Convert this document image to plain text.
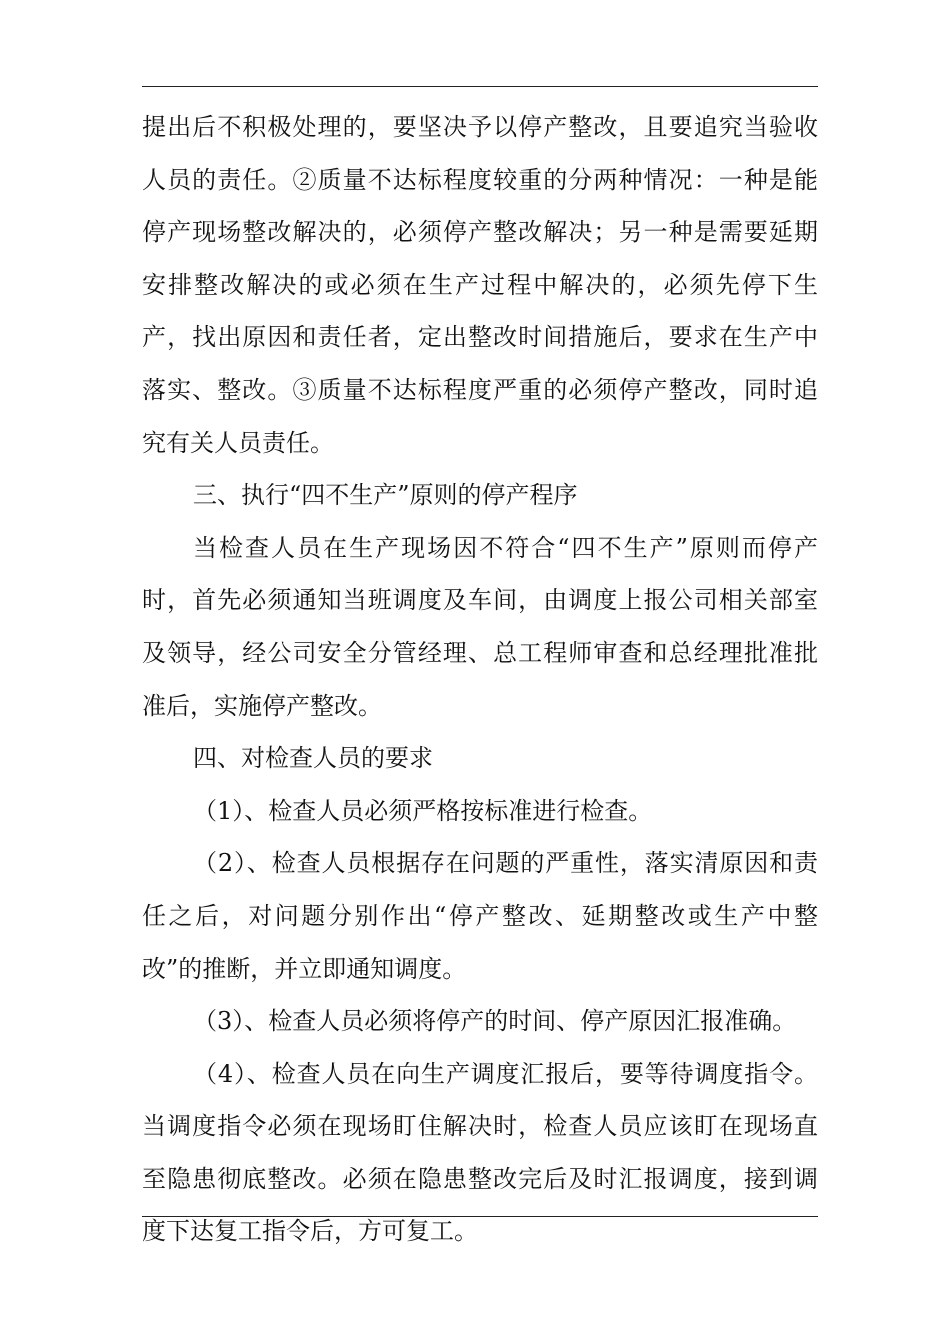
提出后不积极处理的，要坚决予以停产整改，且要追究当验收
人员的责任。②质量不达标程度较重的分两种情况：一种是能
停产现场整改解决的，必须停产整改解决；另一种是需要延期
安排整改解决的或必须在生产过程中解决的，必须先停下生
产，找出原因和责任者，定出整改时间措施后，要求在生产中
落实、整改。③质量不达标程度严重的必须停产整改，同时追
究有关人员责任。
三、执行“四不生产”原则的停产程序
当检查人员在生产现场因不符合“四不生产”原则而停产
时，首先必须通知当班调度及车间，由调度上报公司相关部室
及领导，经公司安全分管经理、总工程师审查和总经理批准批
准后，实施停产整改。
四、对检查人员的要求
（1）、检查人员必须严格按标准进行检查。
（2）、检查人员根据存在问题的严重性，落实清原因和责
任之后，对问题分别作出“停产整改、延期整改或生产中整
改”的推断，并立即通知调度。
（3）、检查人员必须将停产的时间、停产原因汇报准确。
（4）、检查人员在向生产调度汇报后，要等待调度指令。
当调度指令必须在现场盯住解决时，检查人员应该盯在现场直
至隐患彻底整改。必须在隐患整改完后及时汇报调度，接到调
度下达复工指令后，方可复工。
